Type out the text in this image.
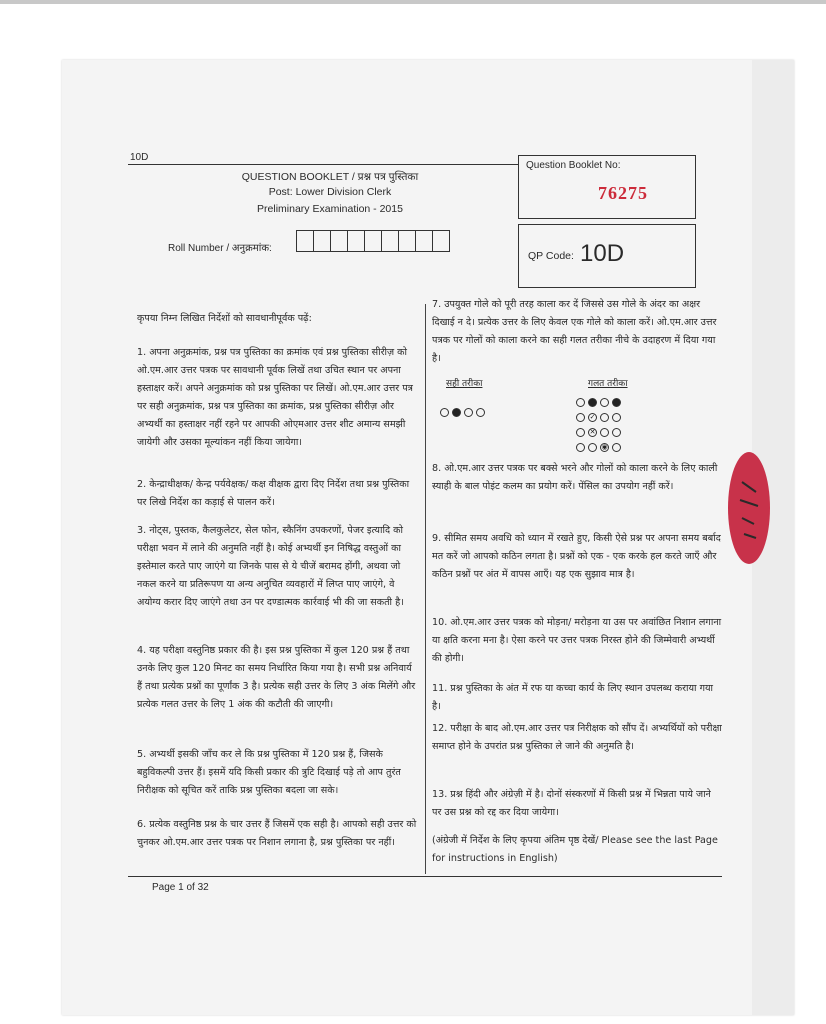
10D
QUESTION BOOKLET / प्रश्न पत्र पुस्तिका
Post: Lower Division Clerk
Preliminary Examination - 2015
Question Booklet No:
76275
QP Code: 10D
Roll Number / अनुक्रमांक:
कृपया निम्न लिखित निर्देशों को सावधानीपूर्वक पढ़ें:
1. अपना अनुक्रमांक, प्रश्न पत्र पुस्तिका का क्रमांक एवं प्रश्न पुस्तिका सीरीज़ को ओ.एम.आर उत्तर पत्रक पर सावधानी पूर्वक लिखें तथा उचित स्थान पर अपना हस्ताक्षर करें। अपने अनुक्रमांक को प्रश्न पुस्तिका पर लिखें। ओ.एम.आर उत्तर पत्र पर सही अनुक्रमांक, प्रश्न पत्र पुस्तिका का क्रमांक, प्रश्न पुस्तिका सीरीज़ और अभ्यर्थी का हस्ताक्षर नहीं रहने पर आपकी ओएमआर उत्तर शीट अमान्य समझी जायेगी और उसका मूल्यांकन नहीं किया जायेगा।
2. केन्द्राधीक्षक/ केन्द्र पर्यवेक्षक/ कक्ष वीक्षक द्वारा दिए निर्देश तथा प्रश्न पुस्तिका पर लिखे निर्देश का कड़ाई से पालन करें।
3. नोट्स, पुस्तक, कैलकुलेटर, सेल फोन, स्कैनिंग उपकरणों, पेजर इत्यादि को परीक्षा भवन में लाने की अनुमति नहीं है। कोई अभ्यर्थी इन निषिद्ध वस्तुओं का इस्तेमाल करते पाए जाएंगे या जिनके पास से ये चीजें बरामद होंगी, अथवा जो नकल करने या प्रतिरूपण या अन्य अनुचित व्यवहारों में लिप्त पाए जाएंगे, वे अयोग्य करार दिए जाएंगे तथा उन पर दण्डात्मक कार्रवाई भी की जा सकती है।
4. यह परीक्षा वस्तुनिष्ठ प्रकार की है। इस प्रश्न पुस्तिका में कुल 120 प्रश्न हैं तथा उनके लिए कुल 120 मिनट का समय निर्धारित किया गया है। सभी प्रश्न अनिवार्य हैं तथा प्रत्येक प्रश्नों का पूर्णांक 3 है। प्रत्येक सही उत्तर के लिए 3 अंक मिलेंगे और प्रत्येक गलत उत्तर के लिए 1 अंक की कटौती की जाएगी।
5. अभ्यर्थी इसकी जाँच कर ले कि प्रश्न पुस्तिका में 120 प्रश्न हैं, जिसके बहुविकल्पी उत्तर हैं। इसमें यदि किसी प्रकार की त्रुटि दिखाई पड़े तो आप तुरंत निरीक्षक को सूचित करें ताकि प्रश्न पुस्तिका बदला जा सके।
6. प्रत्येक वस्तुनिष्ठ प्रश्न के चार उत्तर हैं जिसमें एक सही है। आपको सही उत्तर को चुनकर ओ.एम.आर उत्तर पत्रक पर निशान लगाना है, प्रश्न पुस्तिका पर नहीं।
7. उपयुक्त गोले को पूरी तरह काला कर दें जिससे उस गोले के अंदर का अक्षर दिखाई न दे। प्रत्येक उत्तर के लिए केवल एक गोले को काला करें। ओ.एम.आर उत्तर पत्रक पर गोलों को काला करने का सही गलत तरीका नीचे के उदाहरण में दिया गया है।
सही तरीका	गलत तरीका
✓
✕
◉
8. ओ.एम.आर उत्तर पत्रक पर बक्से भरने और गोलों को काला करने के लिए काली स्याही के बाल पोइंट कलम का प्रयोग करें। पेंसिल का उपयोग नहीं करें।
9. सीमित समय अवधि को ध्यान में रखते हुए, किसी ऐसे प्रश्न पर अपना समय बर्बाद मत करें जो आपको कठिन लगता है। प्रश्नों को एक - एक करके हल करते जाएँ और कठिन प्रश्नों पर अंत में वापस आएँ। यह एक सुझाव मात्र है।
10. ओ.एम.आर उत्तर पत्रक को मोड़ना/ मरोड़ना या उस पर अवांछित निशान लगाना या क्षति करना मना है। ऐसा करने पर उत्तर पत्रक निरस्त होने की जिम्मेवारी अभ्यर्थी की होगी।
11. प्रश्न पुस्तिका के अंत में रफ या कच्चा कार्य के लिए स्थान उपलब्ध कराया गया है।
12. परीक्षा के बाद ओ.एम.आर उत्तर पत्र निरीक्षक को सौंप दें। अभ्यर्थियों को परीक्षा समाप्त होने के उपरांत प्रश्न पुस्तिका ले जाने की अनुमति है।
13. प्रश्न हिंदी और अंग्रेज़ी में है। दोनों संस्करणों में किसी प्रश्न में भिन्नता पाये जाने पर उस प्रश्न को रद्द कर दिया जायेगा।
(अंग्रेजी में निर्देश के लिए कृपया अंतिम पृष्ठ देखें/ Please see the last Page for instructions in English)
Page 1 of 32
